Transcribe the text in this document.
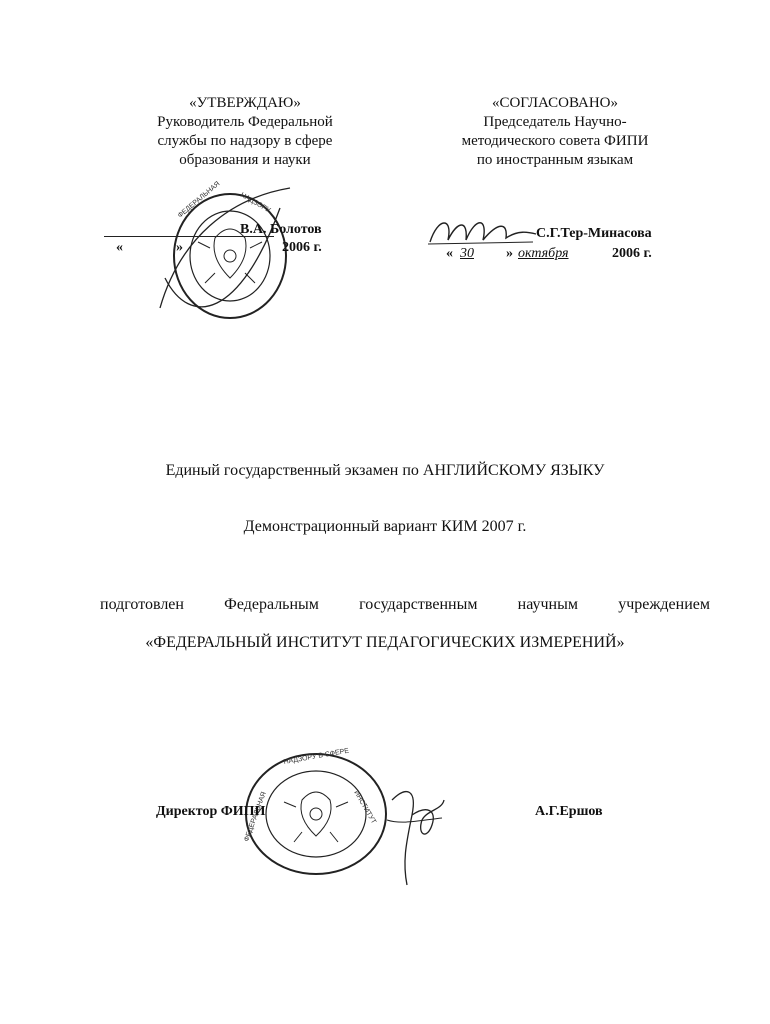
«УТВЕРЖДАЮ»
Руководитель Федеральной
службы по надзору в сфере
образования и науки
ФЕДЕРАЛЬНАЯ	НАДЗОРУ
В.А. Болотов
«	»	2006 г.
«СОГЛАСОВАНО»
Председатель Научно-
методического совета ФИПИ
по иностранным языкам
С.Г.Тер-Минасова
« 30 » октября	2006 г.
Единый государственный экзамен по АНГЛИЙСКОМУ ЯЗЫКУ
Демонстрационный вариант КИМ 2007 г.
подготовлен	Федеральным	государственным	научным	учреждением
«ФЕДЕРАЛЬНЫЙ ИНСТИТУТ ПЕДАГОГИЧЕСКИХ ИЗМЕРЕНИЙ»
НАДЗОРУ В СФЕРЕ
ФЕДЕРАЛЬНАЯ	ИНСТИТУТ
Директор ФИПИ	А.Г.Ершов
